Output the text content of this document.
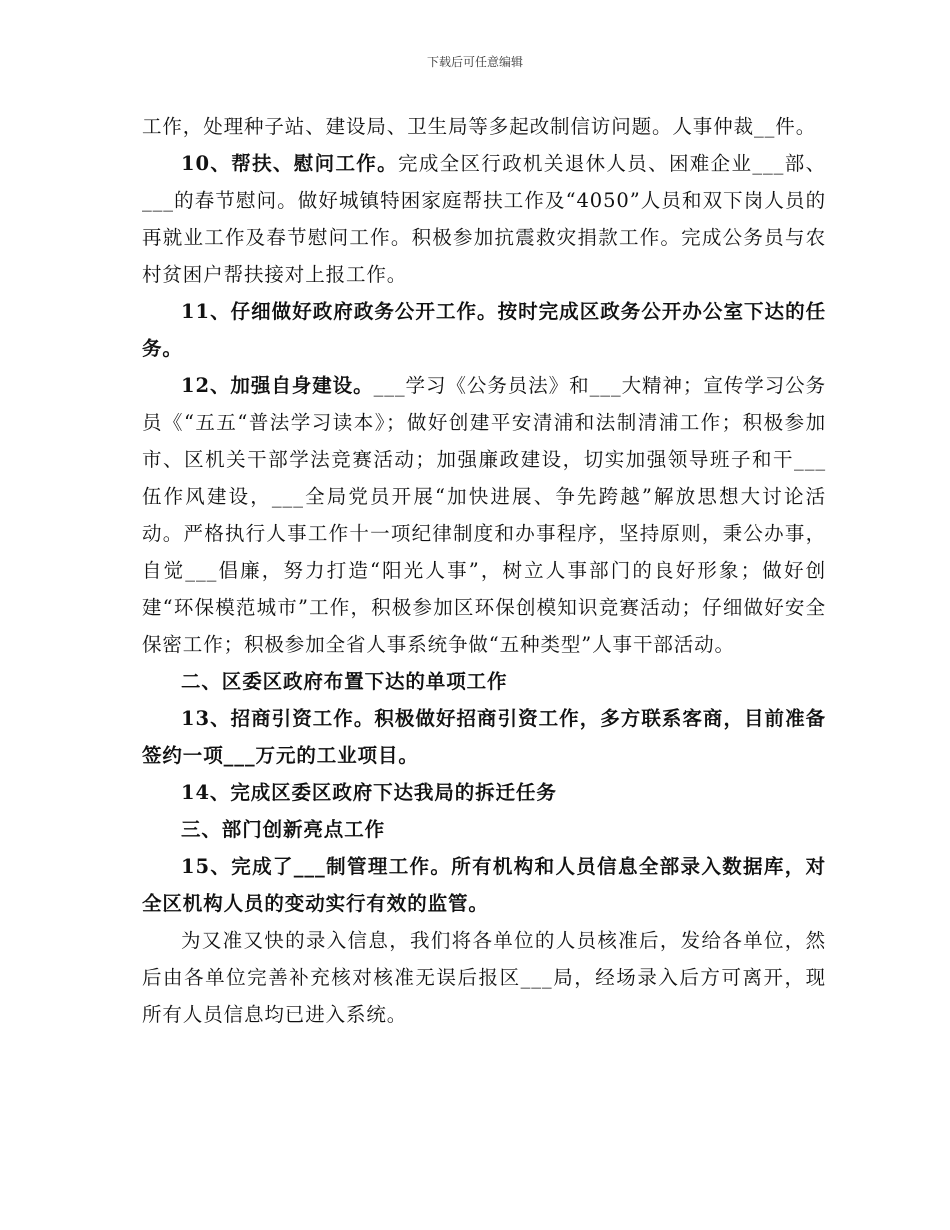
下载后可任意编辑

工作，处理种子站、建设局、卫生局等多起改制信访问题。人事仲裁__件。

10、帮扶、慰问工作。完成全区行政机关退休人员、困难企业___部、___的春节慰问。做好城镇特困家庭帮扶工作及“4050”人员和双下岗人员的再就业工作及春节慰问工作。积极参加抗震救灾捐款工作。完成公务员与农村贫困户帮扶接对上报工作。

11、仔细做好政府政务公开工作。按时完成区政务公开办公室下达的任务。

12、加强自身建设。___学习《公务员法》和___大精神；宣传学习公务员《“五五“普法学习读本》；做好创建平安清浦和法制清浦工作；积极参加市、区机关干部学法竞赛活动；加强廉政建设，切实加强领导班子和干___伍作风建设，___全局党员开展“加快进展、争先跨越”解放思想大讨论活动。严格执行人事工作十一项纪律制度和办事程序，坚持原则，秉公办事，自觉___倡廉，努力打造“阳光人事”，树立人事部门的良好形象；做好创建“环保模范城市”工作，积极参加区环保创模知识竞赛活动；仔细做好安全保密工作；积极参加全省人事系统争做“五种类型”人事干部活动。

二、区委区政府布置下达的单项工作

13、招商引资工作。积极做好招商引资工作，多方联系客商，目前准备签约一项___万元的工业项目。

14、完成区委区政府下达我局的拆迁任务

三、部门创新亮点工作

15、完成了___制管理工作。所有机构和人员信息全部录入数据库，对全区机构人员的变动实行有效的监管。

为又准又快的录入信息，我们将各单位的人员核准后，发给各单位，然后由各单位完善补充核对核准无误后报区___局，经场录入后方可离开，现所有人员信息均已进入系统。
